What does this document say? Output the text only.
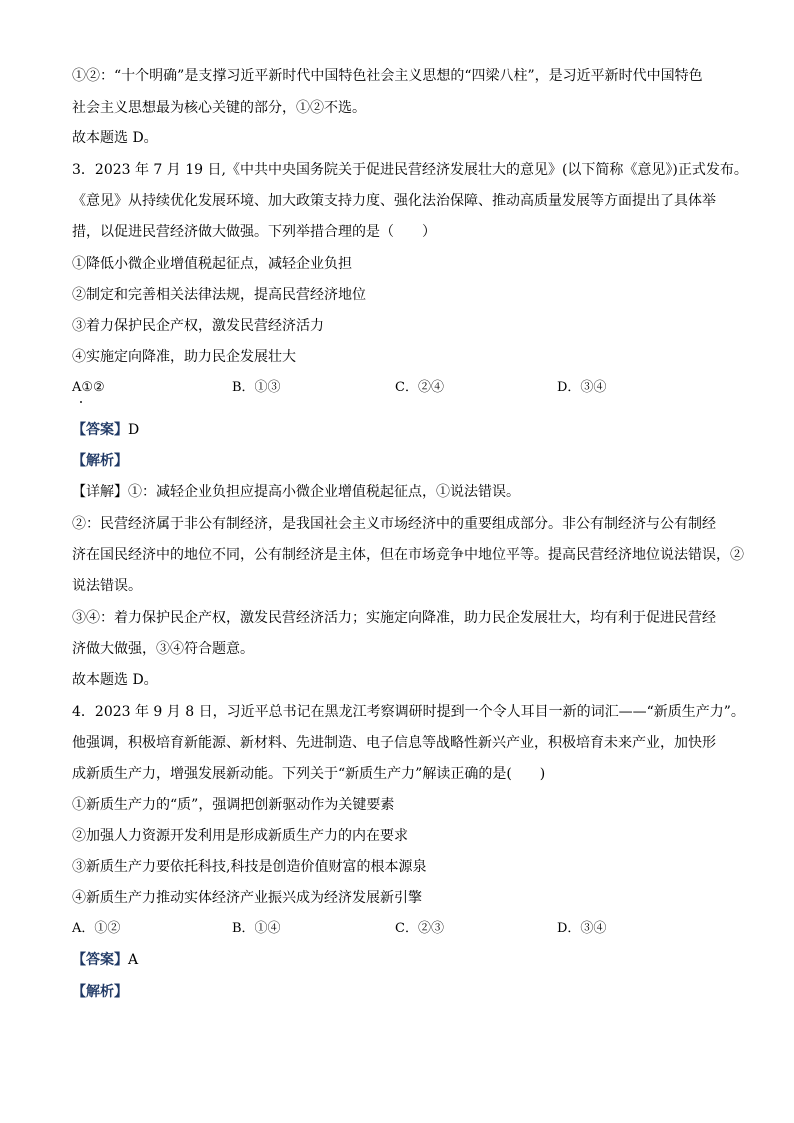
①②：“十个明确”是支撑习近平新时代中国特色社会主义思想的“四梁八柱”，是习近平新时代中国特色
社会主义思想最为核心关键的部分，①②不选。
故本题选 D。
3．2023 年 7 月 19 日,《中共中央国务院关于促进民营经济发展壮大的意见》(以下简称《意见》)正式发布。
《意见》从持续优化发展环境、加大政策支持力度、强化法治保障、推动高质量发展等方面提出了具体举
措，以促进民营经济做大做强。下列举措合理的是（　　）
①降低小微企业增值税起征点，减轻企业负担
②制定和完善相关法律法规，提高民营经济地位
③着力保护民企产权，激发民营经济活力
④实施定向降准，助力民企发展壮大
A①②	B．①③	C．②④	D．③④
【答案】D
【解析】
【详解】①：减轻企业负担应提高小微企业增值税起征点，①说法错误。
②：民营经济属于非公有制经济，是我国社会主义市场经济中的重要组成部分。非公有制经济与公有制经
济在国民经济中的地位不同，公有制经济是主体，但在市场竞争中地位平等。提高民营经济地位说法错误，②
说法错误。
③④：着力保护民企产权，激发民营经济活力；实施定向降准，助力民企发展壮大，均有利于促进民营经
济做大做强，③④符合题意。
故本题选 D。
4．2023 年 9 月 8 日，习近平总书记在黑龙江考察调研时提到一个令人耳目一新的词汇——“新质生产力”。
他强调，积极培育新能源、新材料、先进制造、电子信息等战略性新兴产业，积极培育未来产业，加快形
成新质生产力，增强发展新动能。下列关于“新质生产力”解读正确的是(　　)
①新质生产力的“质”，强调把创新驱动作为关键要素
②加强人力资源开发利用是形成新质生产力的内在要求
③新质生产力要依托科技,科技是创造价值财富的根本源泉
④新质生产力推动实体经济产业振兴成为经济发展新引擎
A．①②	B．①④	C．②③	D．③④
【答案】A
【解析】
